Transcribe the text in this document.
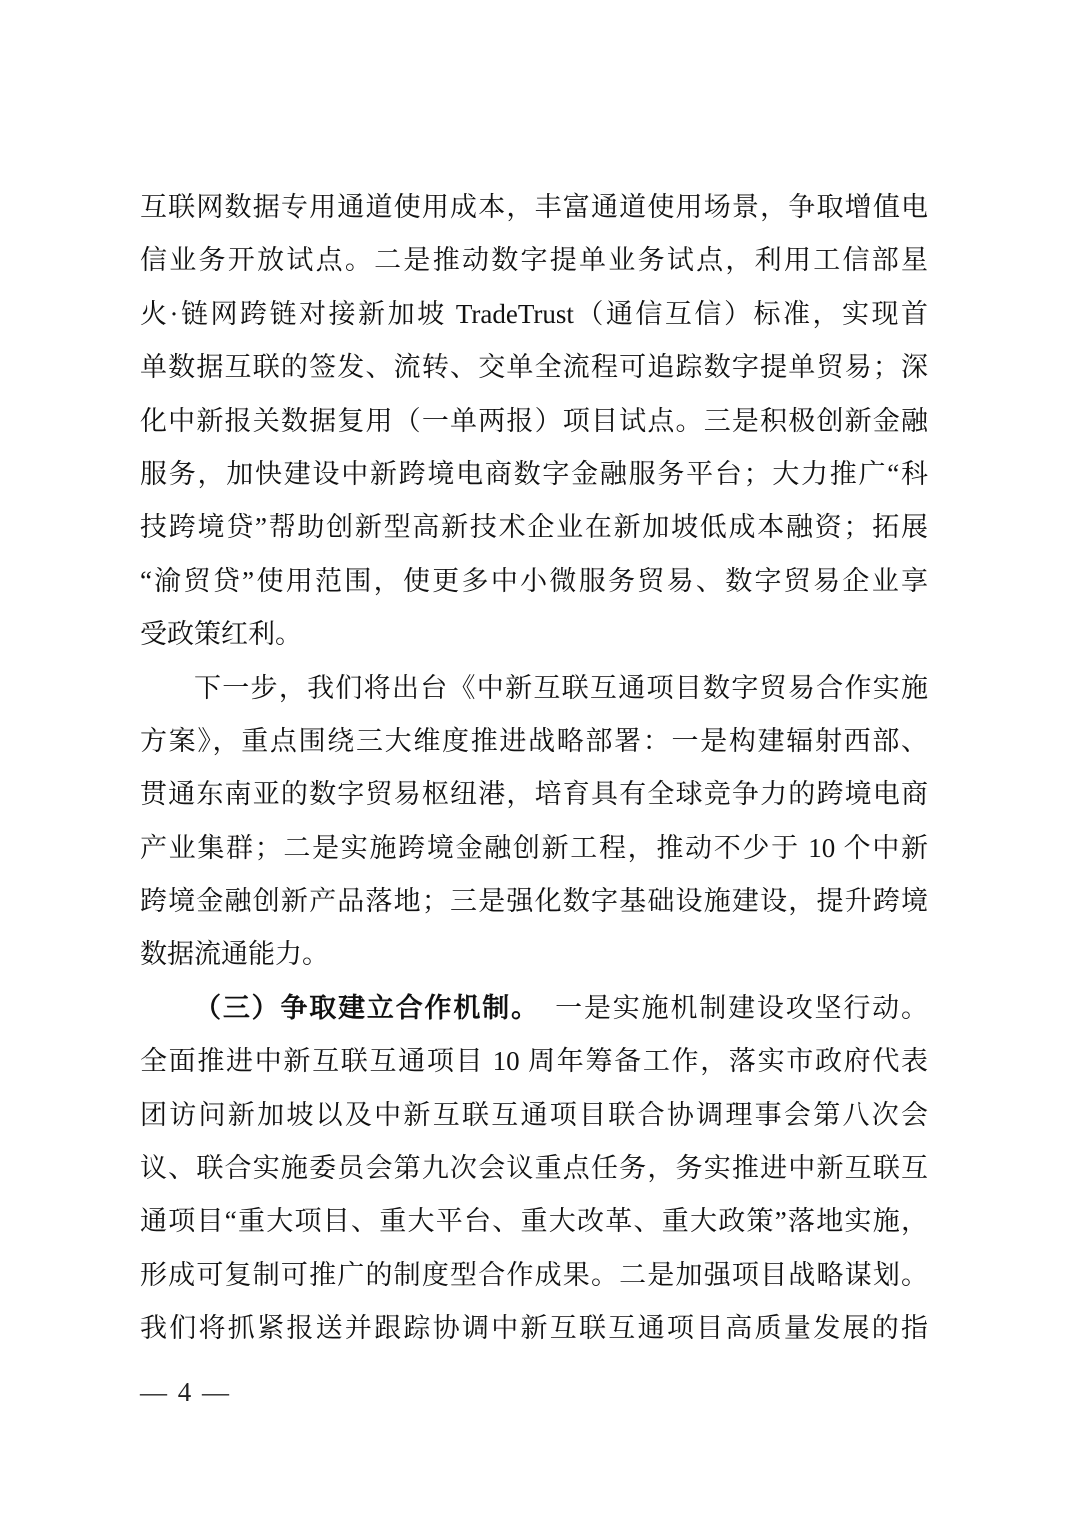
互联网数据专用通道使用成本，丰富通道使用场景，争取增值电
信业务开放试点。二是推动数字提单业务试点，利用工信部星
火·链网跨链对接新加坡 TradeTrust（通信互信）标准，实现首
单数据互联的签发、流转、交单全流程可追踪数字提单贸易；深
化中新报关数据复用（一单两报）项目试点。三是积极创新金融
服务，加快建设中新跨境电商数字金融服务平台；大力推广“科
技跨境贷”帮助创新型高新技术企业在新加坡低成本融资；拓展
“渝贸贷”使用范围，使更多中小微服务贸易、数字贸易企业享
受政策红利。
下一步，我们将出台《中新互联互通项目数字贸易合作实施
方案》，重点围绕三大维度推进战略部署：一是构建辐射西部、
贯通东南亚的数字贸易枢纽港，培育具有全球竞争力的跨境电商
产业集群；二是实施跨境金融创新工程，推动不少于 10 个中新
跨境金融创新产品落地；三是强化数字基础设施建设，提升跨境
数据流通能力。
（三）争取建立合作机制。　一是实施机制建设攻坚行动。
全面推进中新互联互通项目 10 周年筹备工作，落实市政府代表
团访问新加坡以及中新互联互通项目联合协调理事会第八次会
议、联合实施委员会第九次会议重点任务，务实推进中新互联互
通项目“重大项目、重大平台、重大改革、重大政策”落地实施，
形成可复制可推广的制度型合作成果。二是加强项目战略谋划。
我们将抓紧报送并跟踪协调中新互联互通项目高质量发展的指
— 4 —
